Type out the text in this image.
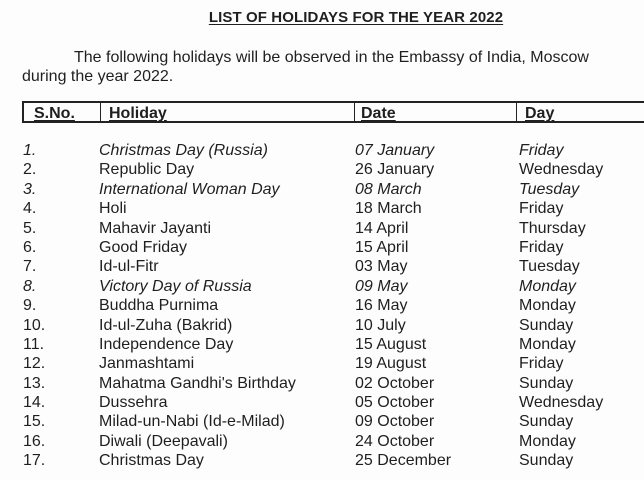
LIST OF HOLIDAYS FOR THE YEAR 2022
The following holidays will be observed in the Embassy of India, Moscow
during the year 2022.
S.No. Holiday	Date	Day
1.	Christmas Day (Russia)	07 January	Friday
2.	Republic Day	26 January	Wednesday
3.	International Woman Day	08 March	Tuesday
4.	Holi	18 March	Friday
5.	Mahavir Jayanti	14 April	Thursday
6.	Good Friday	15 April	Friday
7.	Id-ul-Fitr	03 May	Tuesday
8.	Victory Day of Russia	09 May	Monday
9.	Buddha Purnima	16 May	Monday
10.	Id-ul-Zuha (Bakrid)	10 July	Sunday
11.	Independence Day	15 August	Monday
12.	Janmashtami	19 August	Friday
13.	Mahatma Gandhi's Birthday	02 October	Sunday
14.	Dussehra	05 October	Wednesday
15.	Milad-un-Nabi (Id-e-Milad)	09 October	Sunday
16.	Diwali (Deepavali)	24 October	Monday
17.	Christmas Day	25 December	Sunday
